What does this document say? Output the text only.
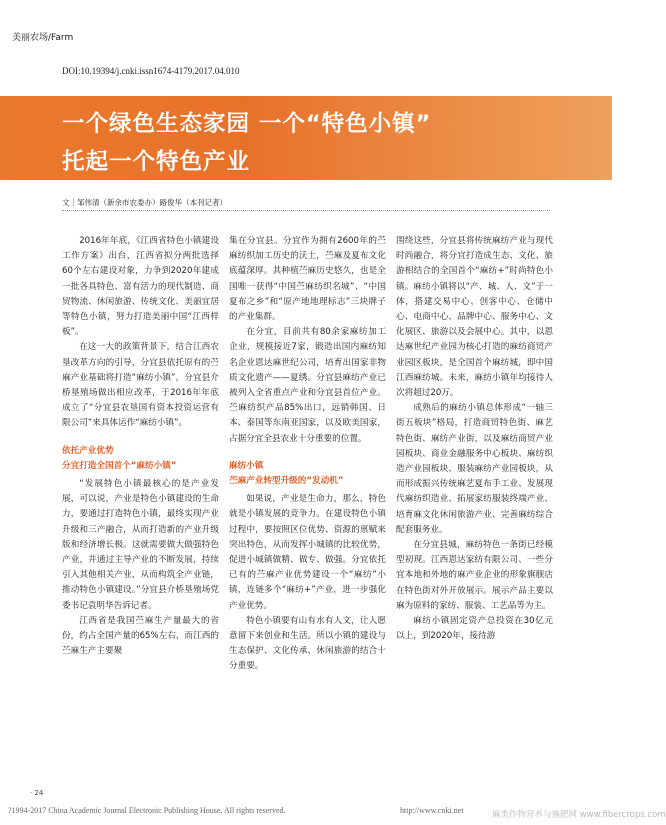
美丽农场/Farm
DOI:10.19394/j.cnki.issn1674-4179.2017.04.010
一个绿色生态家园 一个“特色小镇”
托起一个特色产业
文｜邹伟清（新余市农委办）路俊华（本刊记者）

2016年年底，《江西省特色小镇建设工作方案》出台，江西省拟分两批选择60个左右建设对象，力争到2020年建成一批各具特色、富有活力的现代制造、商贸物流、休闲旅游、传统文化、美丽宜居等特色小镇，努力打造美丽中国“江西样板”。

在这一大的政策背景下，结合江西农垦改革方向的引导，分宜县依托原有的苎麻产业基础将打造“麻纺小镇”，分宜县介桥垦殖场做出相应改革，于2016年年底成立了“分宜县农垦国有资本投资运营有限公司”来具体运作“麻纺小镇”。

依托产业优势
分宜打造全国首个“麻纺小镇”

“发展特色小镇最核心的是产业发展，可以说，产业是特色小镇建设的生命力，要通过打造特色小镇，最终实现产业升级和三产融合，从而打造新的产业升级版和经济增长极。这就需要做大做强特色产业，并通过主导产业的不断发展，持续引入其他相关产业，从而构筑全产业链，推动特色小镇建设。”分宜县介桥垦殖场党委书记袁明华告诉记者。

江西省是我国苎麻生产量最大的省份，约占全国产量的65%左右，而江西的苎麻生产主要聚

集在分宜县。分宜作为拥有2600年的苎麻纺织加工历史的沃土，苎麻及夏布文化底蕴深厚。其种植苎麻历史悠久，也是全国唯一获得“中国苎麻纺织名城”、“中国夏布之乡”和“原产地地理标志”三块牌子的产业集群。

在分宜，目前共有80余家麻纺加工企业，规模接近7家，锻造出国内麻纺知名企业恩达麻世纪公司，培育出国家非物质文化遗产——夏绣。分宜县麻纺产业已被列入全省重点产业和分宜县首位产业。苎麻纺织产品85%出口，远销韩国、日本、泰国等东南亚国家，以及欧美国家，占据分宜全县农业十分重要的位置。

麻纺小镇
苎麻产业转型升级的“发动机”

如果说，产业是生命力，那么，特色就是小镇发展的竞争力。在建设特色小镇过程中，要按照区位优势、资源的禀赋来突出特色，从而发挥小城镇的比较优势，促进小城镇做精、做专、做强。分宜依托已有的苎麻产业优势建设一个“麻纺”小镇，连链多个“麻纺+”产业，进一步强化产业优势。

特色小镇要有山有水有人文，让人愿意留下来创业和生活。所以小镇的建设与生态保护、文化传承、休闲旅游的结合十分重要。

围绕这些，分宜县将传统麻纺产业与现代时尚融合，将分宜打造成生态、文化、旅游相结合的全国首个“麻纺+”时尚特色小镇。麻纺小镇将以“产、城、人、文”于一体，搭建交易中心、创客中心、仓储中心、电商中心、品牌中心、服务中心、文化展区、旅游以及会展中心。其中，以恩达麻世纪产业园为核心打造的麻纺商贸产业园区板块，是全国首个麻纺城，即中国江西麻纺城。未来，麻纺小镇年均接待人次将超过20万。

成熟后的麻纺小镇总体形成“一轴三街五板块”格局，打造商贸特色街、麻艺特色街、麻纺产业街，以及麻纺商贸产业园板块、商业金融服务中心板块、麻纺织造产业园板块、服装麻纺产业园板块，从而形成振兴传统麻艺夏布手工业、发展现代麻纺织造业、拓展家纺服装终端产业、培育麻文化休闲旅游产业、完善麻纺综合配套服务业。

在分宜县城，麻纺特色一条街已经模型初现。江西恩达家纺有限公司、一些分宜本地和外地的麻产业企业的形象旗舰店在特色街对外开放展示。展示产品主要以麻为原料的家纺、服装、工艺品等为主。

麻纺小镇固定资产总投资在30亿元以上，到2020年，接待游

· 24
?1994-2017 China Academic Journal Electronic Publishing House. All rights reserved.	http://www.cnki.net	麻类作物营养与施肥网 www.fibercrops.com
